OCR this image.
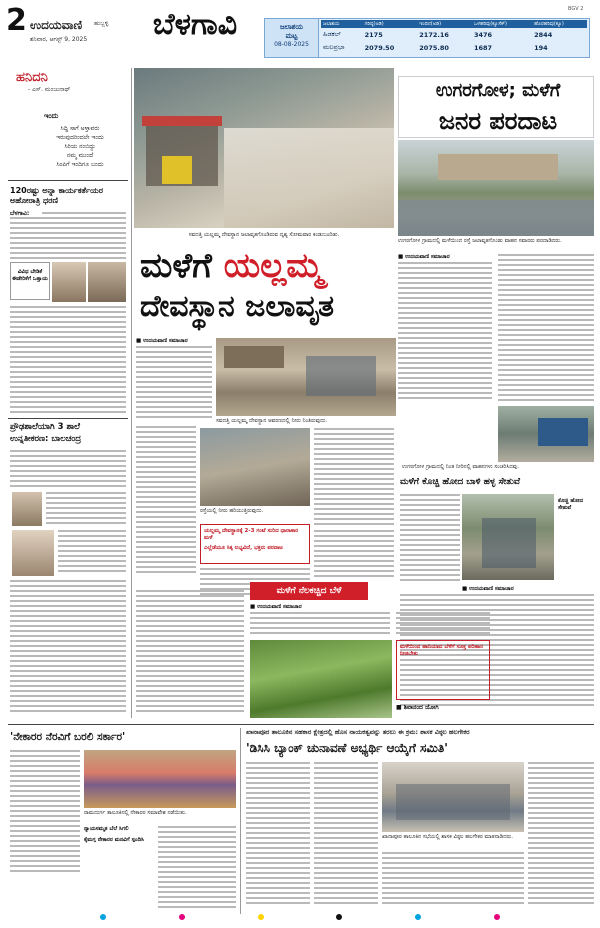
2 ಉದಯವಾಣಿ ಹುಬ್ಬಳ್ಳಿ
ಶನಿವಾರ, ಆಗಸ್ಟ್ 9, 2025	ಬೆಳಗಾವಿ	BGV 2
ಜಲಾಶಯ
ಮಟ್ಟ
08-08-2025
ಜಲಾಶಯ	ಗರಿಷ್ಠ(ಅಡಿ)	ಇಂದಿನ(ಅಡಿ)	ಒಳಹರಿವು(ಕ್ಯೂಸೆಕ್)	ಹೊರಹರಿವು(ಕ್ಯೂ)
ಹಿಡಕಲ್	2175	2172.16	3476	2844
ಮಲಪ್ರಭಾ	2079.50	2075.80	1687	194
ಹನಿದನಿ
- ಎಸ್. ಮಂಜುನಾಥ್
ಇಂದು
ಸಿದ್ಧಿ ಸಾಗೆ ಅಳ್ತಾವರು
ಇರುವುದರಿಂದಲೇ ಇಂದು
ಸಿರಿಯ ನಂಬಿದ್ದು
ನಮ್ಮ ಮುಂದೆ
ಸಿಂಪಿಗೆ ಇಂದಿಗೂ ಬಂದು
120ರಷ್ಟು ಅನ್ನಾ ಕಾರ್ಯಕರ್ತೆಯರ
ಅಹೋರಾತ್ರಿ ಧರಣಿ
ಬೆಳಗಾವಿ:
ವಿವಿಧ ಬೇಡಿಕೆ
ಈಡೇರಿಕೆಗೆ ಒತ್ತಾಯ
ಪ್ರೌಢಶಾಲೆಯಾಗಿ 3 ಶಾಲೆ
ಉನ್ನತೀಕರಣ: ಬಾಲಚಂದ್ರ
ಸವದತ್ತಿ ಯಲ್ಲಮ್ಮ ದೇವಸ್ಥಾನ ಜಲಾವೃತಗೊಂಡಿರುವ ದೃಶ್ಯ ಸೋಮವಾರ ಕಂಡುಬಂದಿತು.
ಮಳೆಗೆ ಯಲ್ಲಮ್ಮ
ದೇವಸ್ಥಾನ ಜಲಾವೃತ
ಉಗರಗೋಳ; ಮಳೆಗೆ
ಜನರ ಪರದಾಟ
ಉಗರಗೋಳ ಗ್ರಾಮದಲ್ಲಿ ಮಳೆಯಿಂದ ರಸ್ತೆ ಜಲಾವೃತಗೊಂಡು ವಾಹನ ಸವಾರರು ಪರದಾಡಿದರು.
■ ಉದಯವಾಣಿ ಸಮಾಚಾರ
ಉಗರಗೋಳ ಗ್ರಾಮದಲ್ಲಿ ನಿಂತ ನೀರಿನಲ್ಲಿ ವಾಹನಗಳು ಸಂಚರಿಸಿದವು.
■ ಉದಯವಾಣಿ ಸಮಾಚಾರ
ಸವದತ್ತಿ ಯಲ್ಲಮ್ಮ ದೇವಸ್ಥಾನ ಆವರಣದಲ್ಲಿ ನೀರು ನಿಂತಿರುವುದು.
ರಸ್ತೆಯಲ್ಲಿ ನೀರು ಹರಿಯುತ್ತಿರುವುದು.
ಯಲ್ಲಮ್ಮ ದೇವಸ್ಥಾನಕ್ಕೆ 2-3 ಗಂಟೆ ಸುರಿದ ಧಾರಾಕಾರ ಮಳೆ
ಎಲ್ಲೆಡೆಯೂ ಸಿಕ್ಕ ಲಭ್ಯವಿದೆ, ಭಕ್ತರು ಪರದಾಟ
ಮಳೆಗೆ ಕೊಚ್ಚಿ ಹೋದ ಬಾಳಿ ಹಳ್ಳ ಸೇತುವೆ
ಕೊಚ್ಚಿ ಹೋದ ಸೇತುವೆ
■ ಉದಯವಾಣಿ ಸಮಾಚಾರ
ಮಳೆಗೆ ನೆಲಕಚ್ಚಿದ ಬೆಳೆ
■ ಉದಯವಾಣಿ ಸಮಾಚಾರ
ಮಳೆಯಿಂದ ಹಾನಿಯಾದ ಬೆಳೆಗೆ ಸೂಕ್ತ ಪರಿಹಾರ ನೀಡಬೇಕು
■ ಶಿವಾನಂದ ಯೋಗಿ
'ನೇಕಾರರ ನೆರವಿಗೆ ಬರಲಿ ಸರ್ಕಾರ'
ರಾಮದುರ್ಗ ತಾಲೂಕಿನಲ್ಲಿ ನೇಕಾರರ ಸಮಾವೇಶ ನಡೆಯಿತು.
ನ್ಯಾಯಸಮ್ಮತ ಬೆಲೆ ಸಿಗಲಿ
ಕೈಮಗ್ಗ ನೇಕಾರರ ಮನವಿಗೆ ಸ್ಪಂದಿಸಿ
ಖಾನಾಪೂರ ತಾಲೂಕಿನ ಸಹಕಾರ ಕ್ಷೇತ್ರದಲ್ಲಿ ಹೊಸ ನಾಯಕತ್ವವನ್ನು ತರಲು ಈ ಕ್ರಮ: ಶಾಸಕ ವಿಠ್ಠಲ ಹಲಗೇಕರ
'ಡಿಸಿಸಿ ಬ್ಯಾಂಕ್ ಚುನಾವಣೆ ಅಭ್ಯರ್ಥಿ ಆಯ್ಕೆಗೆ ಸಮಿತಿ'
ಖಾನಾಪೂರ ತಾಲೂಕಿನ ಸಭೆಯಲ್ಲಿ ಶಾಸಕ ವಿಠ್ಠಲ ಹಲಗೇಕರ ಮಾತನಾಡಿದರು.
